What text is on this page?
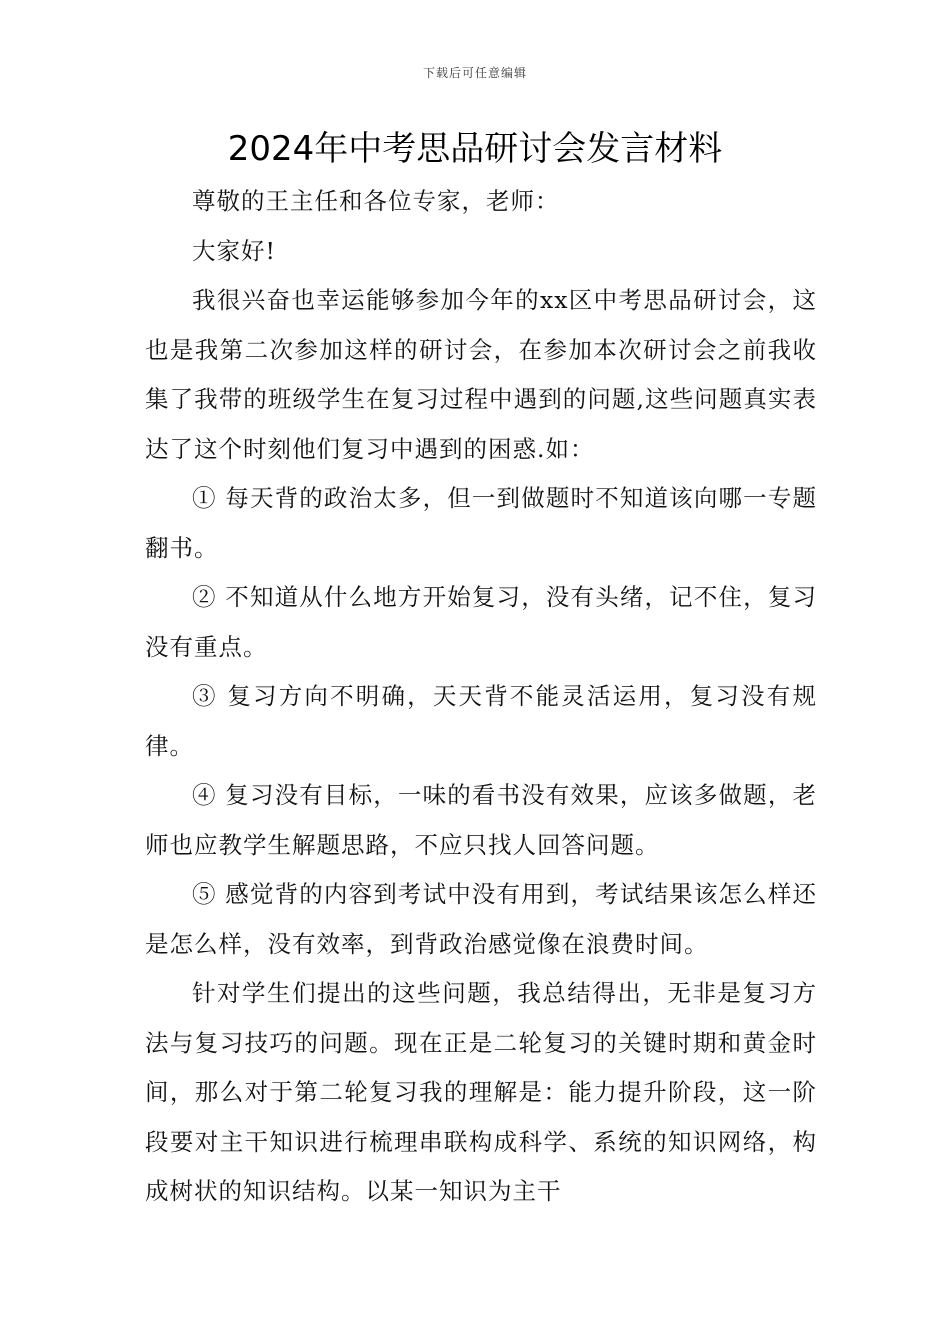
下载后可任意编辑
2024年中考思品研讨会发言材料

尊敬的王主任和各位专家，老师：

大家好!

我很兴奋也幸运能够参加今年的xx区中考思品研讨会，这也是我第二次参加这样的研讨会，在参加本次研讨会之前我收集了我带的班级学生在复习过程中遇到的问题,这些问题真实表达了这个时刻他们复习中遇到的困惑.如：

① 每天背的政治太多，但一到做题时不知道该向哪一专题翻书。

② 不知道从什么地方开始复习，没有头绪，记不住，复习没有重点。

③ 复习方向不明确，天天背不能灵活运用，复习没有规律。

④ 复习没有目标，一味的看书没有效果，应该多做题，老师也应教学生解题思路，不应只找人回答问题。

⑤ 感觉背的内容到考试中没有用到，考试结果该怎么样还是怎么样，没有效率，到背政治感觉像在浪费时间。

针对学生们提出的这些问题，我总结得出，无非是复习方法与复习技巧的问题。现在正是二轮复习的关键时期和黄金时间，那么对于第二轮复习我的理解是：能力提升阶段，这一阶段要对主干知识进行梳理串联构成科学、系统的知识网络，构成树状的知识结构。以某一知识为主干
